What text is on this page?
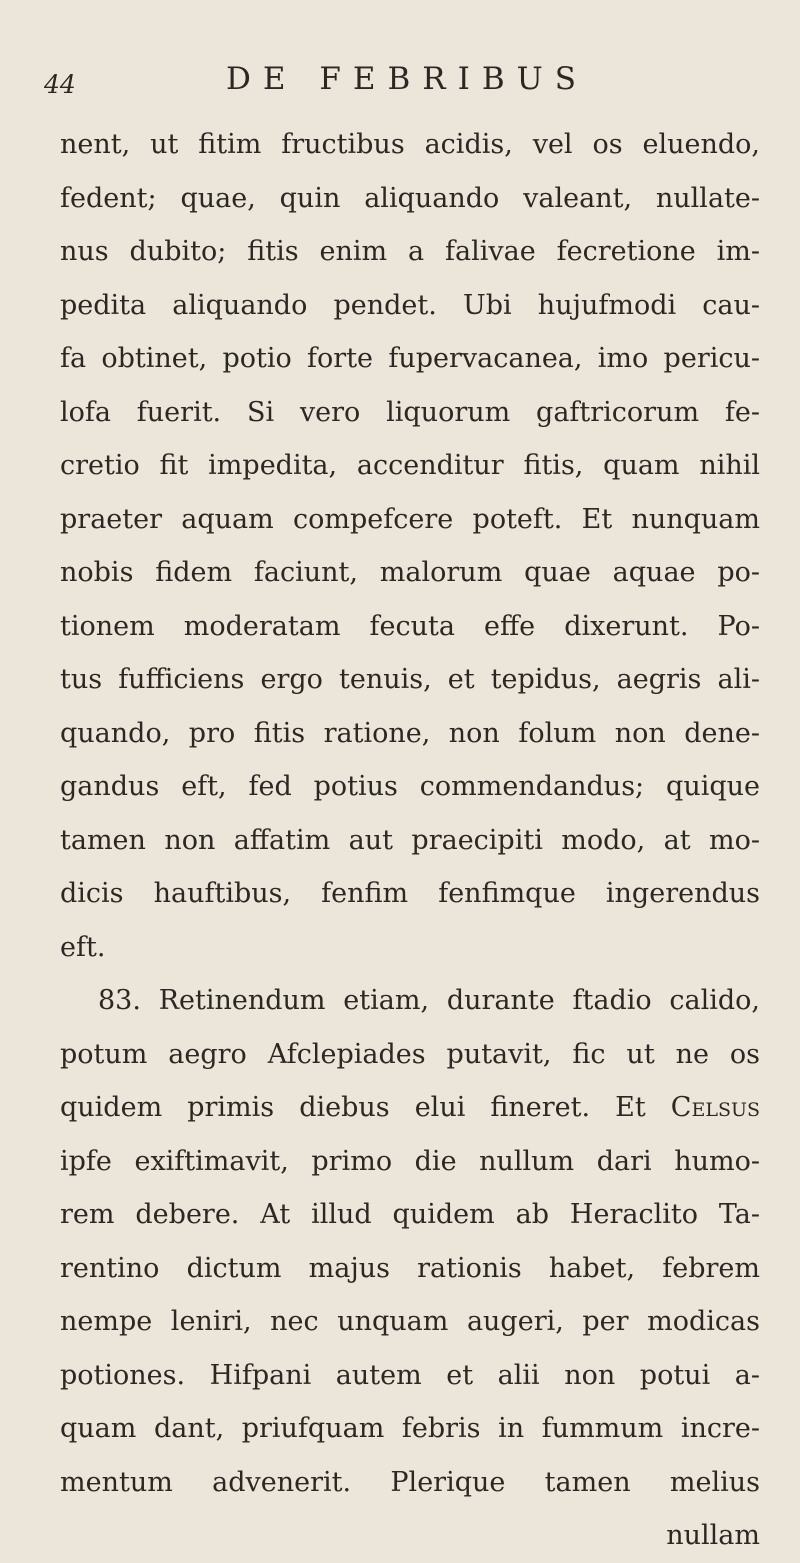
44	DE FEBRIBUS
nent, ut fitim fructibus acidis, vel os eluendo,
fedent; quae, quin aliquando valeant, nullate-
nus dubito; fitis enim a falivae fecretione im-
pedita aliquando pendet. Ubi hujufmodi cau-
fa obtinet, potio forte fupervacanea, imo pericu-
lofa fuerit. Si vero liquorum gaftricorum fe-
cretio fit impedita, accenditur fitis, quam nihil
praeter aquam compefcere poteft. Et nunquam
nobis fidem faciunt, malorum quae aquae po-
tionem moderatam fecuta effe dixerunt. Po-
tus fufficiens ergo tenuis, et tepidus, aegris ali-
quando, pro fitis ratione, non folum non dene-
gandus eft, fed potius commendandus; quique
tamen non affatim aut praecipiti modo, at mo-
dicis hauftibus, fenfim fenfimque ingerendus
eft.
83. Retinendum etiam, durante ftadio calido,
potum aegro Afclepiades putavit, fic ut ne os
quidem primis diebus elui fineret. Et Celsus
ipfe exiftimavit, primo die nullum dari humo-
rem debere. At illud quidem ab Heraclito Ta-
rentino dictum majus rationis habet, febrem
nempe leniri, nec unquam augeri, per modicas
potiones. Hifpani autem et alii non potui a-
quam dant, priufquam febris in fummum incre-
mentum advenerit. Plerique tamen melius
nullam
